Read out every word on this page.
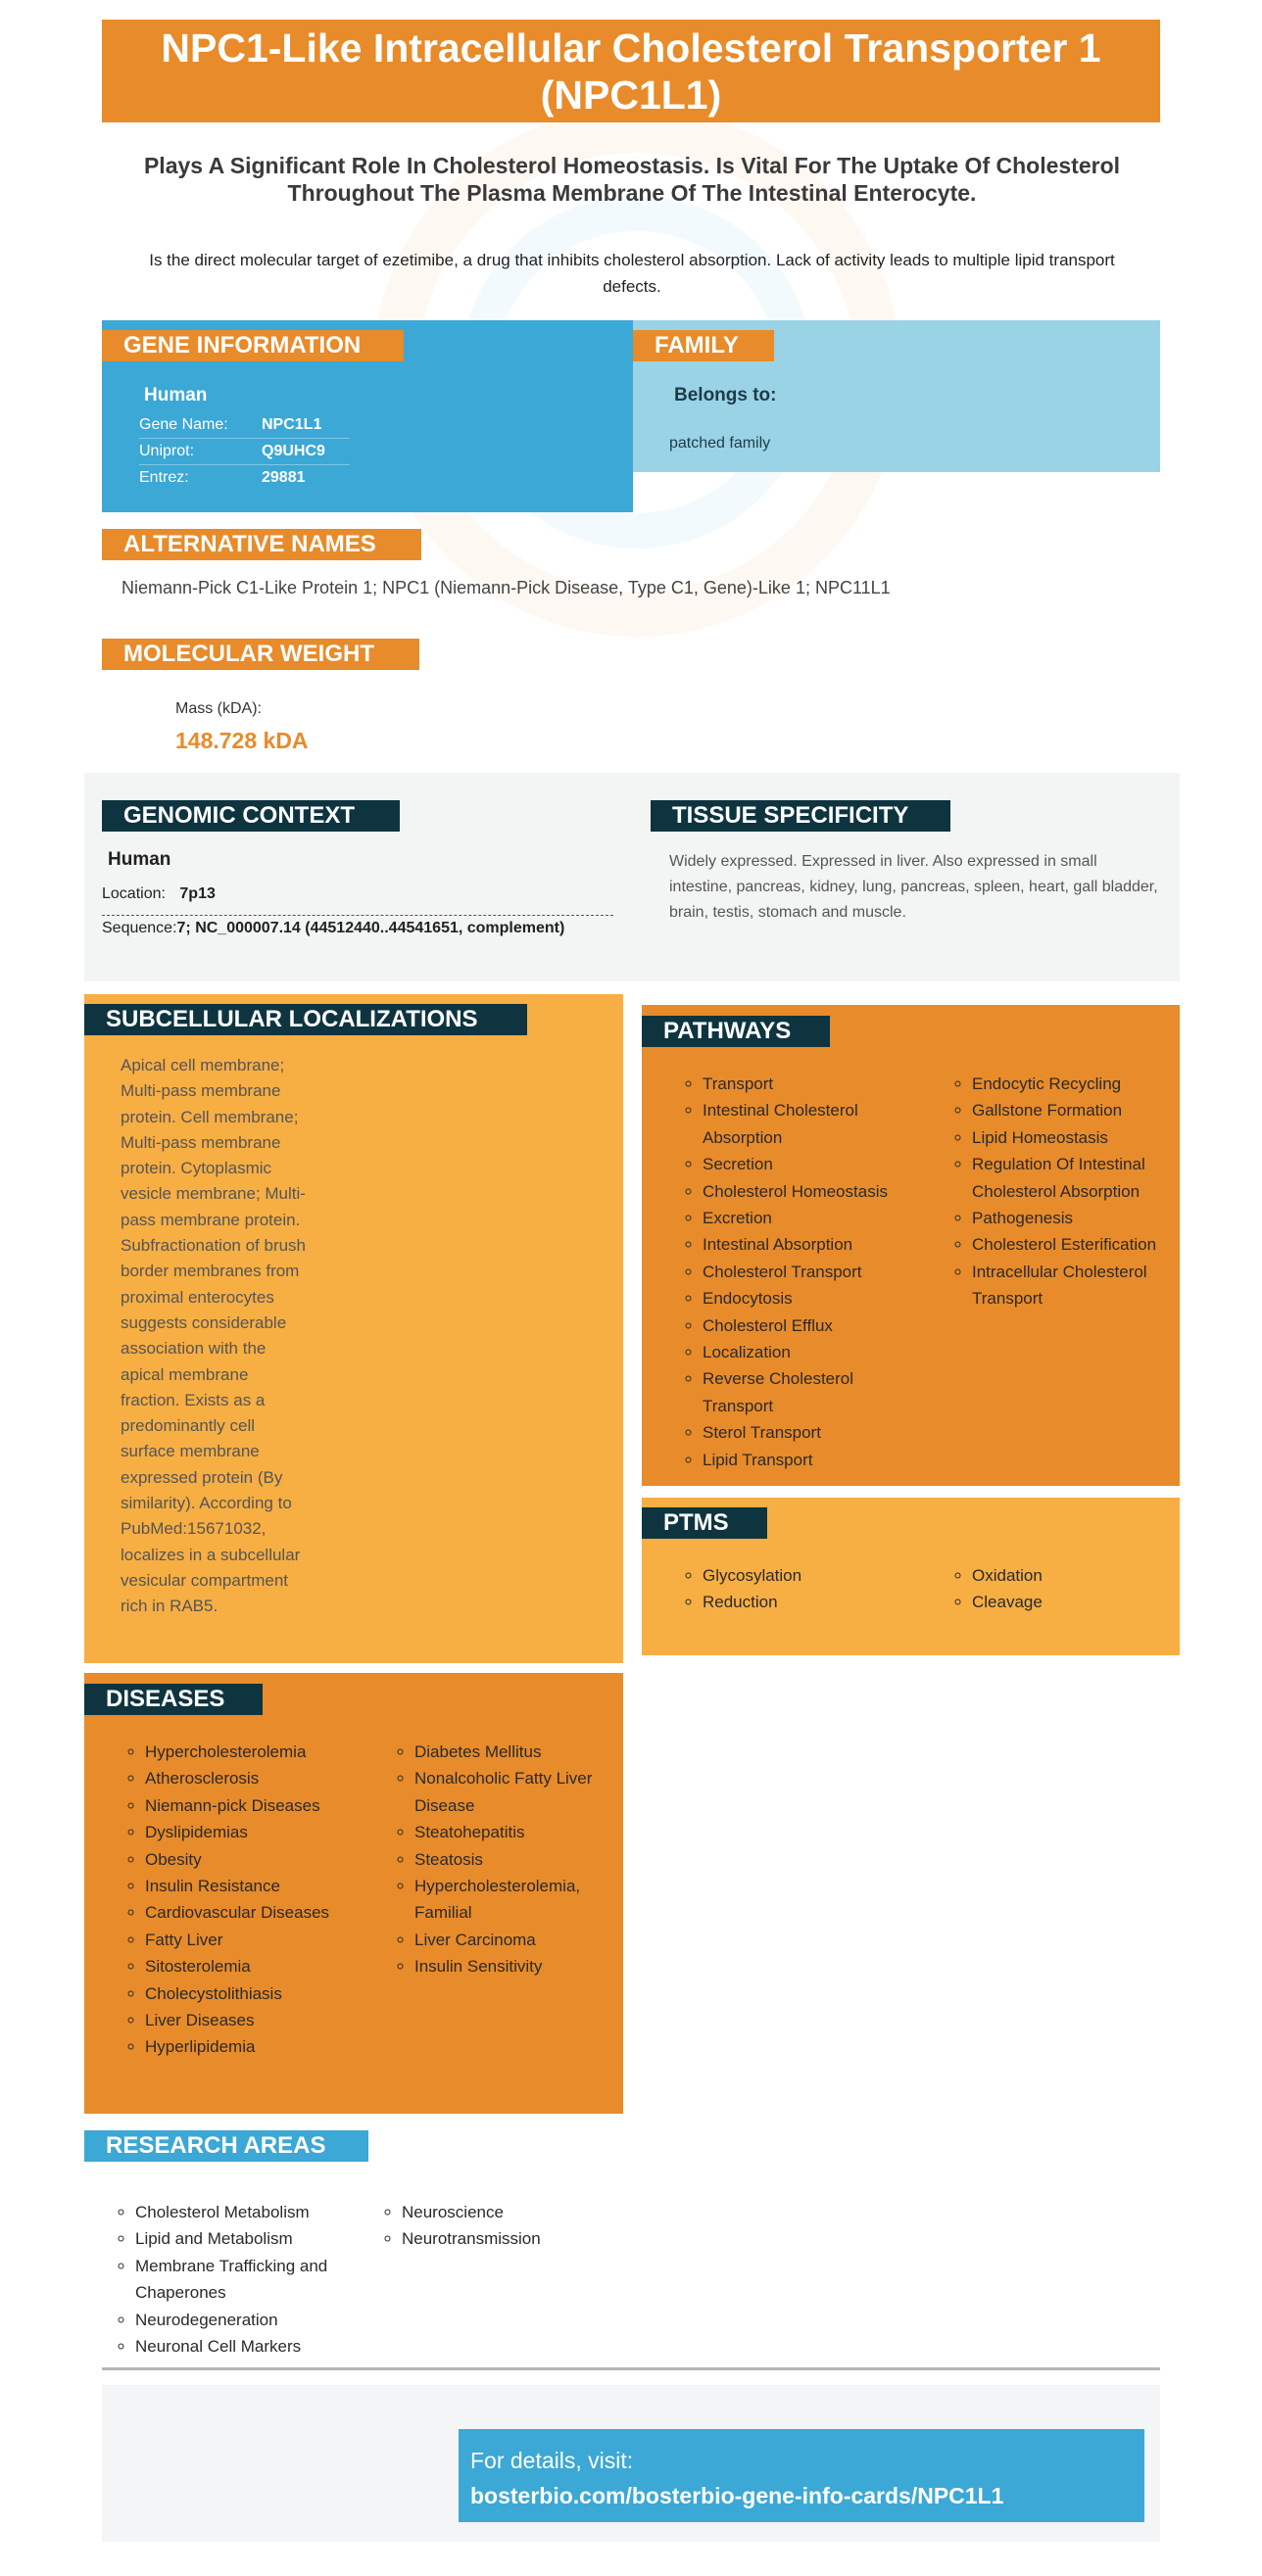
NPC1-Like Intracellular Cholesterol Transporter 1 (NPC1L1)
Plays A Significant Role In Cholesterol Homeostasis. Is Vital For The Uptake Of Cholesterol Throughout The Plasma Membrane Of The Intestinal Enterocyte.
Is the direct molecular target of ezetimibe, a drug that inhibits cholesterol absorption. Lack of activity leads to multiple lipid transport defects.
GENE INFORMATION
Human
Gene Name:	NPC1L1
Uniprot:	Q9UHC9
Entrez:	29881
FAMILY
Belongs to:
patched family
ALTERNATIVE NAMES
Niemann-Pick C1-Like Protein 1; NPC1 (Niemann-Pick Disease, Type C1, Gene)-Like 1; NPC11L1
MOLECULAR WEIGHT
Mass (kDA):
148.728 kDA
GENOMIC CONTEXT
Human
Location: 7p13
Sequence:7; NC_000007.14 (44512440..44541651, complement)
TISSUE SPECIFICITY
Widely expressed. Expressed in liver. Also expressed in small intestine, pancreas, kidney, lung, pancreas, spleen, heart, gall bladder, brain, testis, stomach and muscle.
SUBCELLULAR LOCALIZATIONS
Apical cell membrane;
Multi-pass membrane
protein. Cell membrane;
Multi-pass membrane
protein. Cytoplasmic
vesicle membrane; Multi-
pass membrane protein.
Subfractionation of brush
border membranes from
proximal enterocytes
suggests considerable
association with the
apical membrane
fraction. Exists as a
predominantly cell
surface membrane
expressed protein (By
similarity). According to
PubMed:15671032,
localizes in a subcellular
vesicular compartment
rich in RAB5.
PATHWAYS
◦ Transport
◦ Intestinal Cholesterol Absorption
◦ Secretion
◦ Cholesterol Homeostasis
◦ Excretion
◦ Intestinal Absorption
◦ Cholesterol Transport
◦ Endocytosis
◦ Cholesterol Efflux
◦ Localization
◦ Reverse Cholesterol Transport
◦ Sterol Transport
◦ Lipid Transport
◦ Endocytic Recycling
◦ Gallstone Formation
◦ Lipid Homeostasis
◦ Regulation Of Intestinal Cholesterol Absorption
◦ Pathogenesis
◦ Cholesterol Esterification
◦ Intracellular Cholesterol Transport
PTMS
◦ Glycosylation
◦ Reduction
◦ Oxidation
◦ Cleavage
DISEASES
◦ Hypercholesterolemia
◦ Atherosclerosis
◦ Niemann-pick Diseases
◦ Dyslipidemias
◦ Obesity
◦ Insulin Resistance
◦ Cardiovascular Diseases
◦ Fatty Liver
◦ Sitosterolemia
◦ Cholecystolithiasis
◦ Liver Diseases
◦ Hyperlipidemia
◦ Diabetes Mellitus
◦ Nonalcoholic Fatty Liver Disease
◦ Steatohepatitis
◦ Steatosis
◦ Hypercholesterolemia, Familial
◦ Liver Carcinoma
◦ Insulin Sensitivity
RESEARCH AREAS
◦ Cholesterol Metabolism
◦ Lipid and Metabolism
◦ Membrane Trafficking and Chaperones
◦ Neurodegeneration
◦ Neuronal Cell Markers
◦ Neuroscience
◦ Neurotransmission
For details, visit:
bosterbio.com/bosterbio-gene-info-cards/NPC1L1
